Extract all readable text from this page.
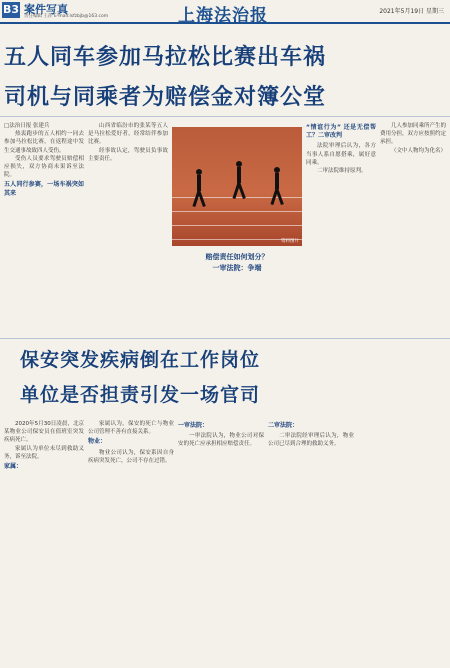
B3 案件写真
责任编辑 王萍 E-mail:lsfzbjb@163.com	上海法治报	2021年5月19日 星期三
五人同车参加马拉松比赛出车祸
司机与同乘者为赔偿金对簿公堂
□法治日报 张建兵

热衷跑步的五人相约一同去参加马拉松比赛，在返程途中发生交通事故致四人受伤。

受伤人员要求驾驶员赔偿相应损失，双方协商未果诉至法院。

五人同行参赛，一场车祸突如其来

山西省临汾市的张某等五人是马拉松爱好者，经常结伴参加比赛。

经事故认定，驾驶员负事故主要责任。

资料图片
赔偿责任如何划分？
一审法院：争端
“情谊行为” 还是无偿帮工？二审改判

法院审理后认为，各方当事人系自愿搭乘，属好意同乘。

二审法院维持原判。

几人参加同乘所产生的费用分担，双方应按照约定承担。

（文中人物均为化名）

保安突发疾病倒在工作岗位
单位是否担责引发一场官司

2020年5月30日凌晨，北京某物业公司保安员在值班室突发疾病死亡。

家属认为单位未尽到救助义务，诉至法院。

家属：

家属认为，保安的死亡与物业公司管理不善有直接关系。

物业：

物业公司认为，保安系因自身疾病突发死亡，公司不存在过错。

一审法院：

一审法院认为，物业公司对保安的死亡应承担相应赔偿责任。

二审法院：

二审法院经审理后认为，物业公司已尽到合理的救助义务。
